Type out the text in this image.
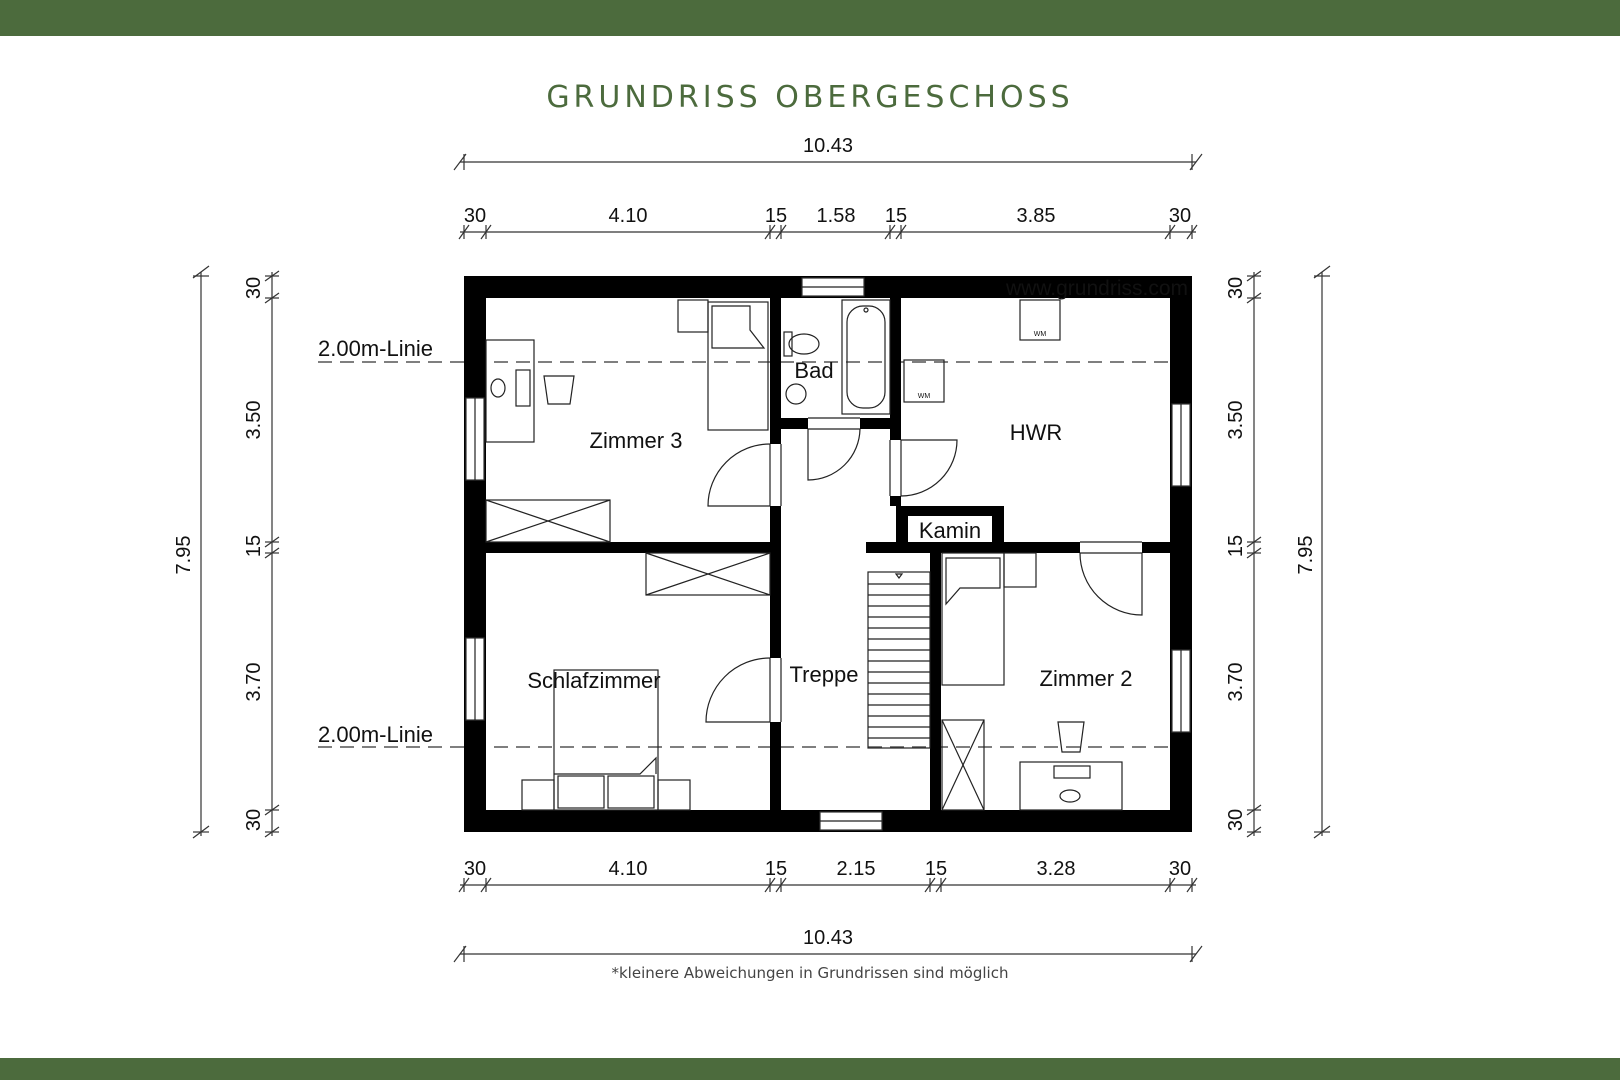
GRUNDRISS OBERGESCHOSS
10.43
30	4.10	15 1.58 15	3.85	30
30	4.10	15 2.15 15	3.28	30
10.43
30
3.50
15
3.70
30
7.95
30
3.50
15
3.70
30
7.95
2.00m-Linie
2.00m-Linie
Kamin
WM
WM
Zimmer 3
Bad
HWR
Schlafzimmer	Treppe	Zimmer 2
www.grundriss.com
*kleinere Abweichungen in Grundrissen sind möglich
